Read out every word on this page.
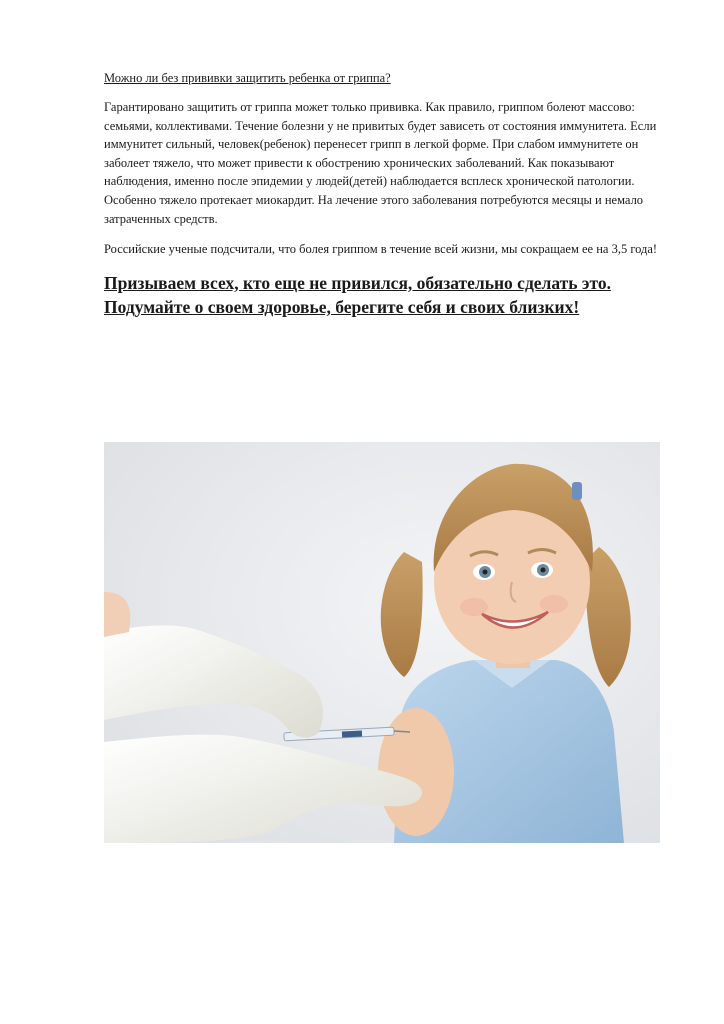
Можно ли без прививки защитить ребенка от гриппа?

Гарантировано защитить от гриппа может только прививка. Как правило, гриппом болеют массово: семьями, коллективами. Течение болезни у не привитых будет зависеть от состояния иммунитета. Если иммунитет сильный, человек(ребенок) перенесет грипп в легкой форме. При слабом иммунитете он заболеет тяжело, что может привести к обострению хронических заболеваний. Как показывают наблюдения, именно после эпидемии у людей(детей) наблюдается всплеск хронической патологии. Особенно тяжело протекает миокардит. На лечение этого заболевания потребуются месяцы и немало затраченных средств.

Российские ученые подсчитали, что болея гриппом в течение всей жизни, мы сокращаем ее на 3,5 года!

Призываем всех, кто еще не привился, обязательно сделать это.
Подумайте о своем здоровье, берегите себя и своих близких!
